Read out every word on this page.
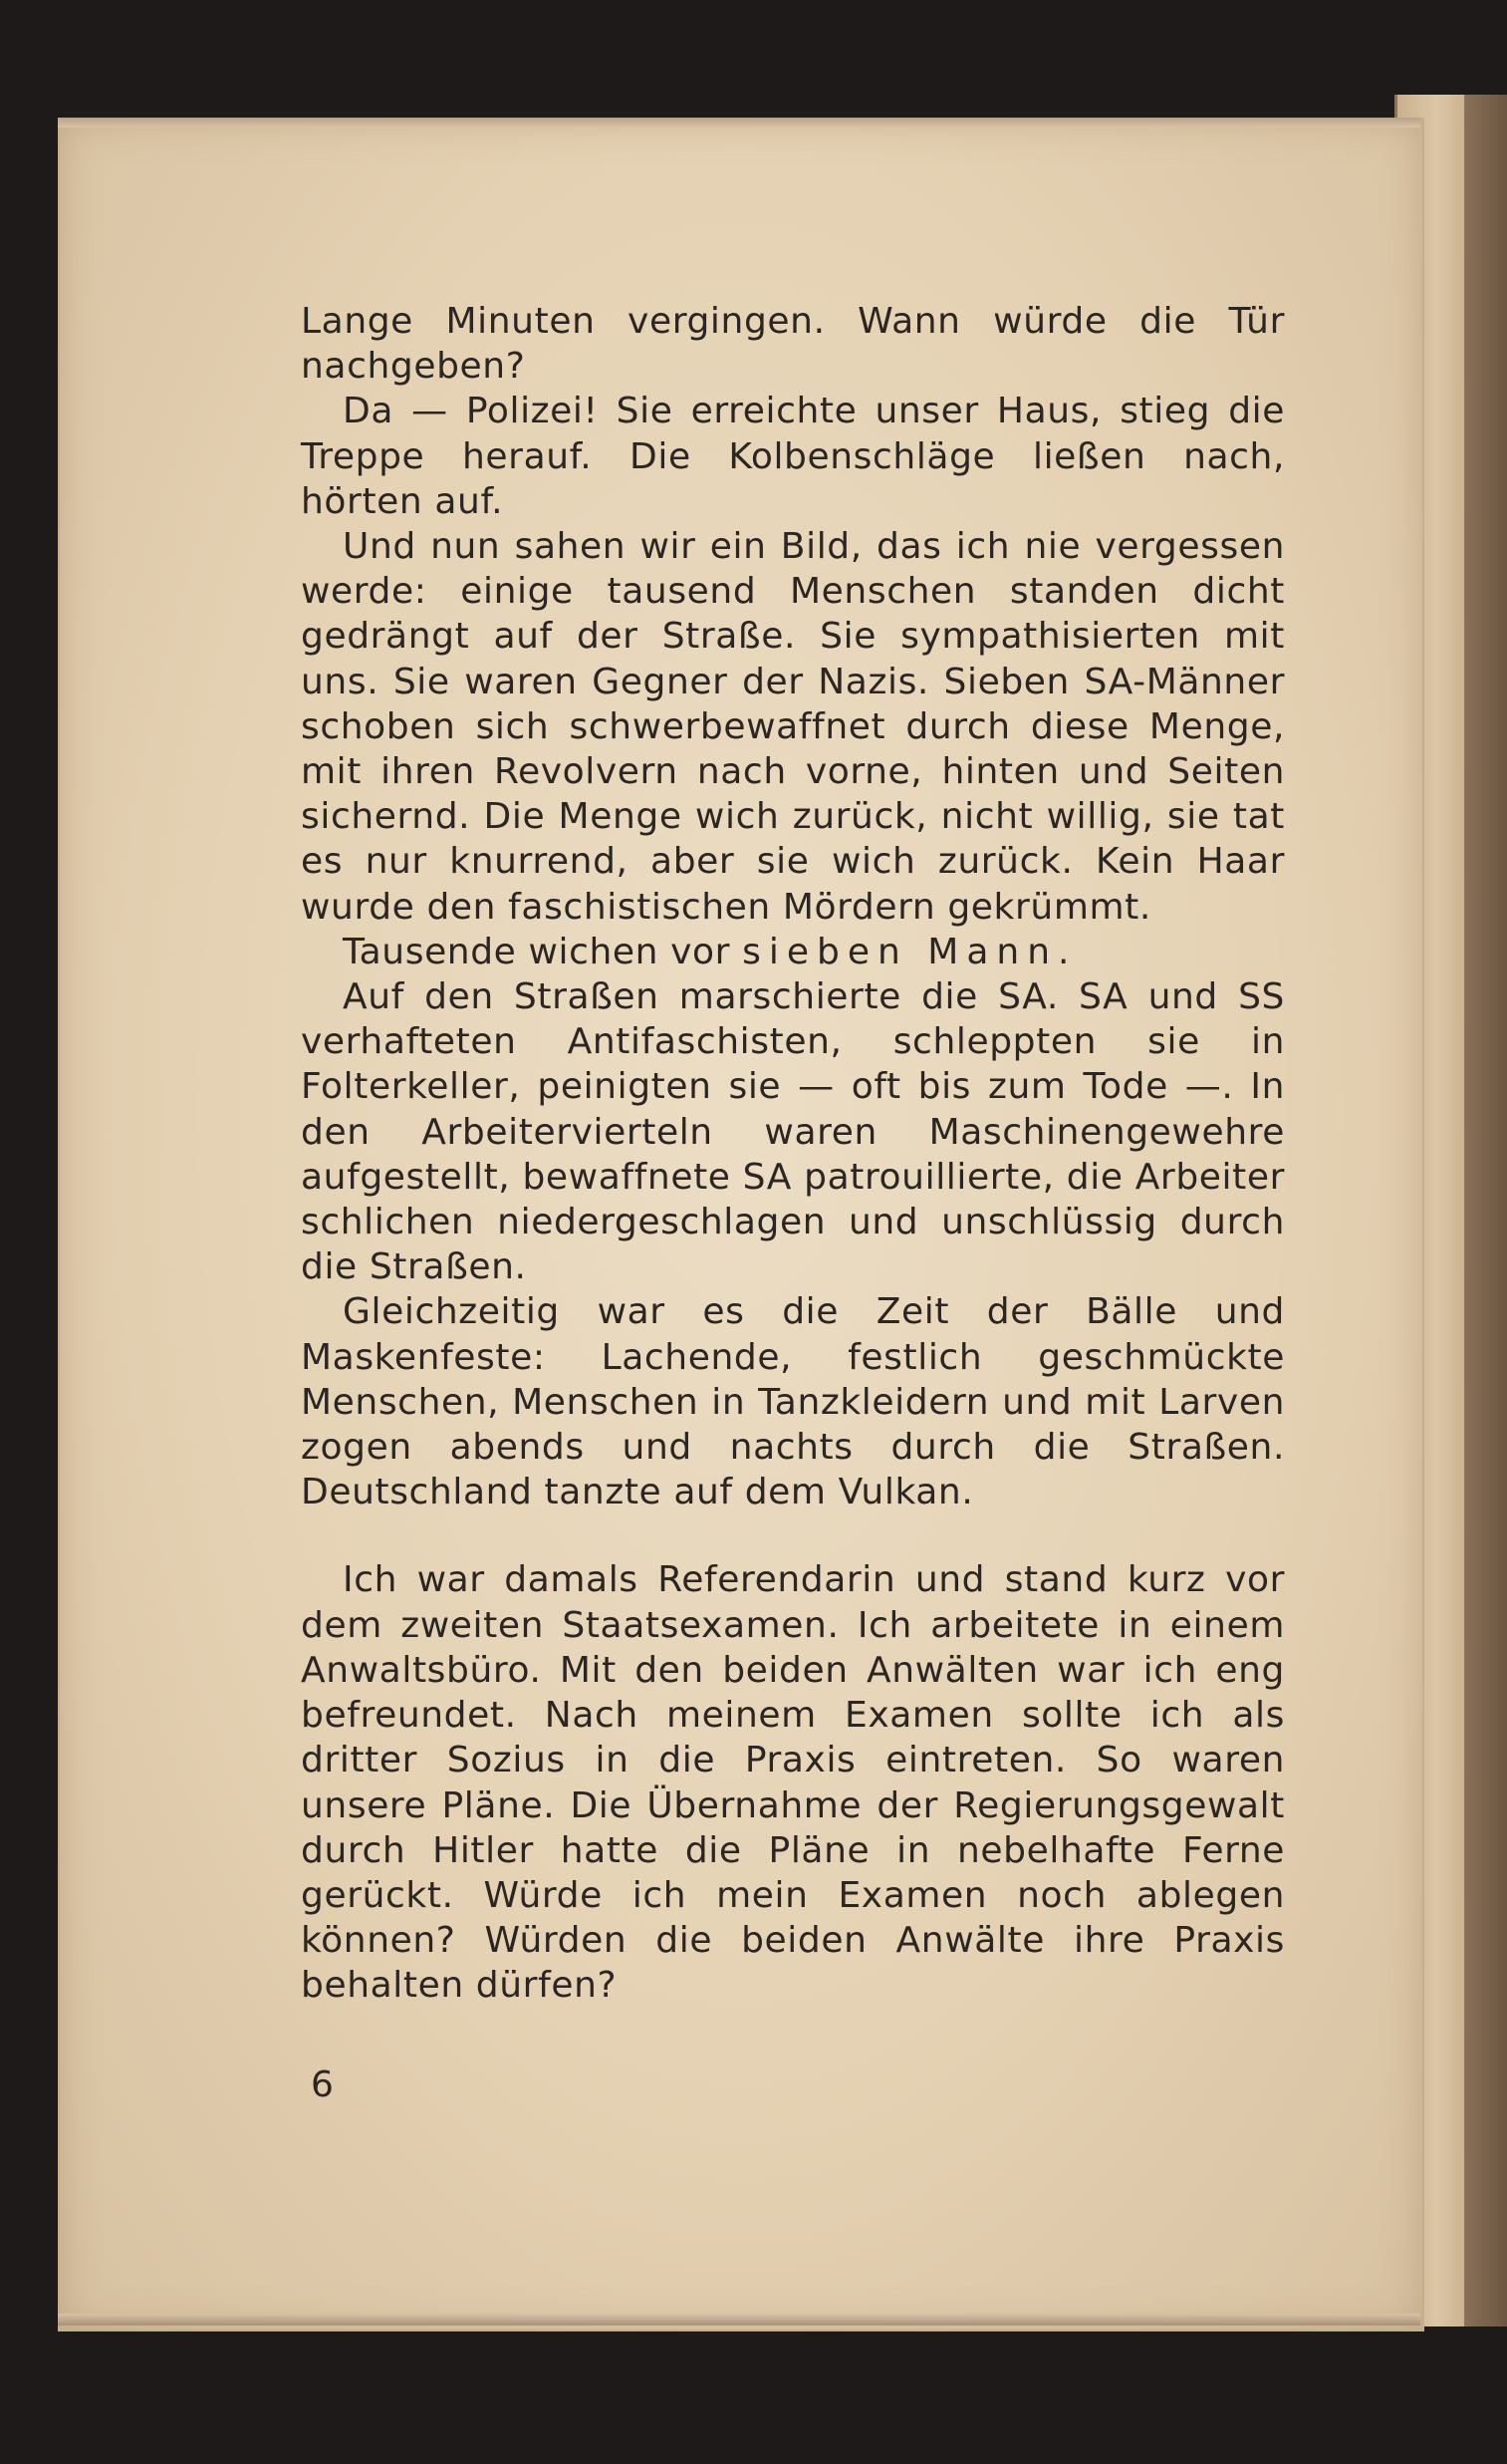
Lange Minuten vergingen. Wann würde die Tür nachgeben?

Da — Polizei! Sie erreichte unser Haus, stieg die Treppe herauf. Die Kolbenschläge ließen nach, hörten auf.

Und nun sahen wir ein Bild, das ich nie vergessen werde: einige tausend Menschen standen dicht gedrängt auf der Straße. Sie sympathisierten mit uns. Sie waren Gegner der Nazis. Sieben SA-Männer schoben sich schwerbewaffnet durch diese Menge, mit ihren Revolvern nach vorne, hinten und Seiten sichernd. Die Menge wich zurück, nicht willig, sie tat es nur knurrend, aber sie wich zurück. Kein Haar wurde den faschistischen Mördern gekrümmt.

Tausende wichen vor sieben Mann.

Auf den Straßen marschierte die SA. SA und SS verhafteten Antifaschisten, schleppten sie in Folterkeller, peinigten sie — oft bis zum Tode —. In den Arbeitervierteln waren Maschinengewehre aufgestellt, bewaffnete SA patrouillierte, die Arbeiter schlichen niedergeschlagen und unschlüssig durch die Straßen.

Gleichzeitig war es die Zeit der Bälle und Maskenfeste: Lachende, festlich geschmückte Menschen, Menschen in Tanzkleidern und mit Larven zogen abends und nachts durch die Straßen. Deutschland tanzte auf dem Vulkan.

Ich war damals Referendarin und stand kurz vor dem zweiten Staatsexamen. Ich arbeitete in einem Anwaltsbüro. Mit den beiden Anwälten war ich eng befreundet. Nach meinem Examen sollte ich als dritter Sozius in die Praxis eintreten. So waren unsere Pläne. Die Übernahme der Regierungsgewalt durch Hitler hatte die Pläne in nebelhafte Ferne gerückt. Würde ich mein Examen noch ablegen können? Würden die beiden Anwälte ihre Praxis behalten dürfen?

6
